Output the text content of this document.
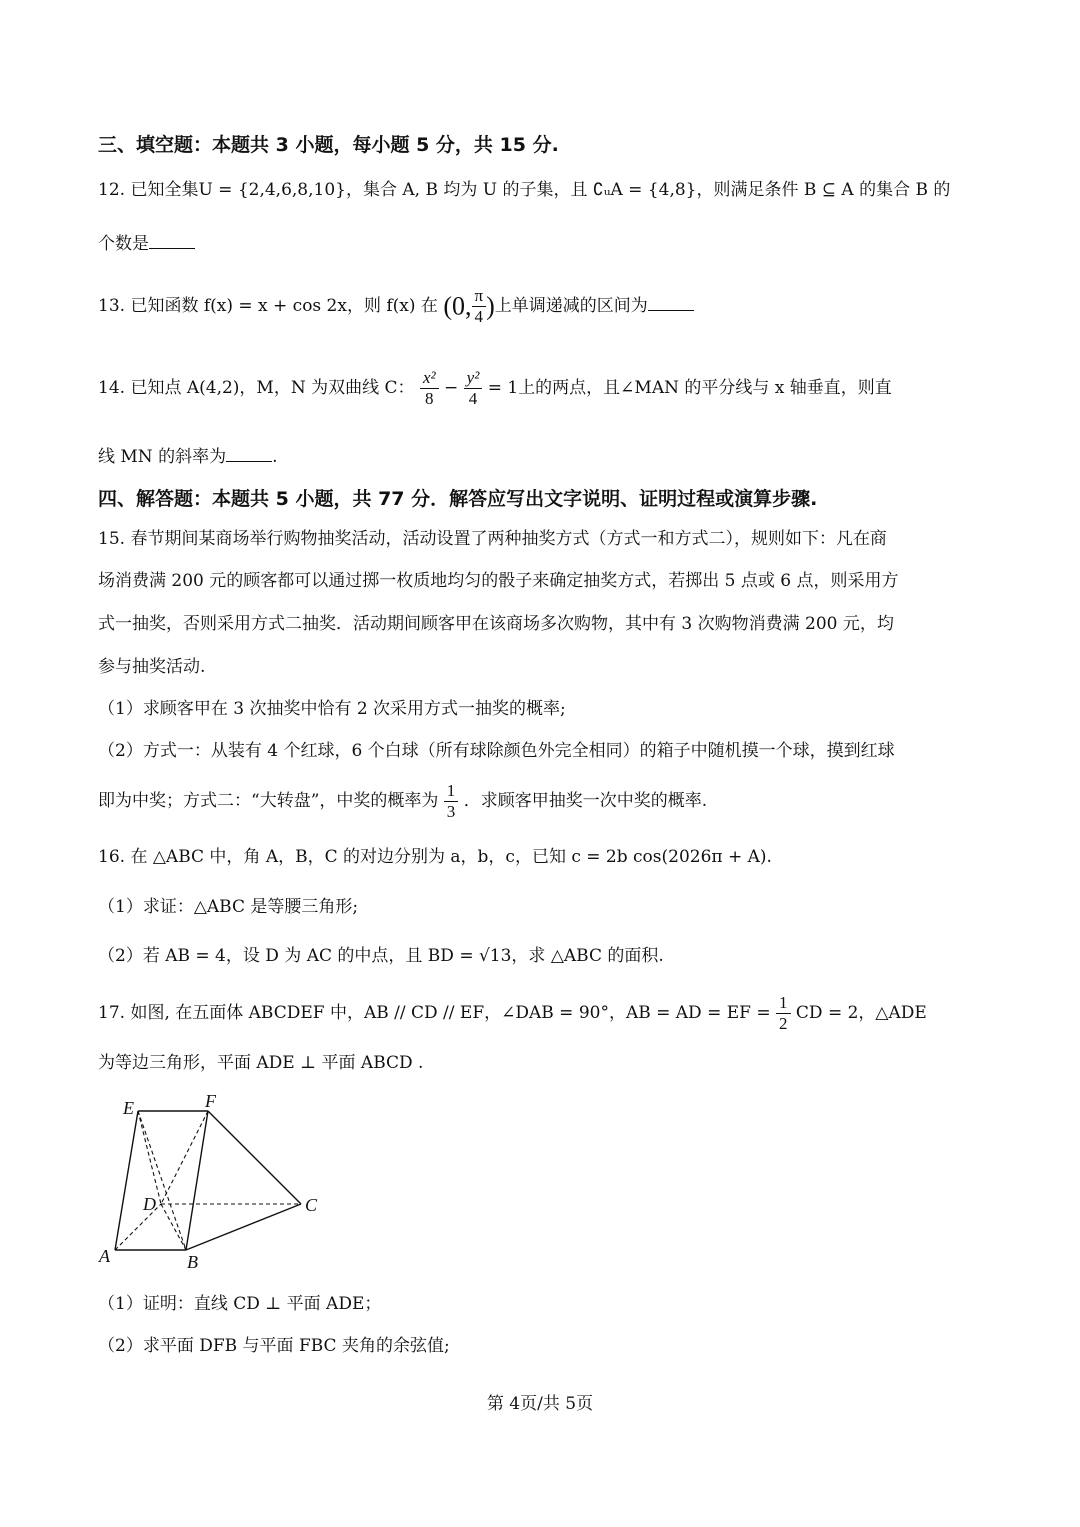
三、填空题：本题共 3 小题，每小题 5 分，共 15 分.
12. 已知全集U = {2,4,6,8,10}，集合 A, B 均为 U 的子集，且 ∁ᵤA = {4,8}，则满足条件 B ⊆ A 的集合 B 的
个数是
13. 已知函数 f(x) = x + cos 2x，则 f(x) 在 (0, $\frac{\pi}{4}$ )上单调递减的区间为
14. 已知点 A(4,2)，M，N 为双曲线 C： $\frac{\text{x²}}{8} - \frac{\text{y²}}{4} = 1$上的两点，且∠MAN 的平分线与 x 轴垂直，则直
线 MN 的斜率为	.
四、解答题：本题共 5 小题，共 77 分．解答应写出文字说明、证明过程或演算步骤.
15. 春节期间某商场举行购物抽奖活动，活动设置了两种抽奖方式（方式一和方式二），规则如下：凡在商
场消费满 200 元的顾客都可以通过掷一枚质地均匀的骰子来确定抽奖方式，若掷出 5 点或 6 点，则采用方
式一抽奖，否则采用方式二抽奖．活动期间顾客甲在该商场多次购物，其中有 3 次购物消费满 200 元，均
参与抽奖活动.
（1）求顾客甲在 3 次抽奖中恰有 2 次采用方式一抽奖的概率;
（2）方式一：从装有 4 个红球，6 个白球（所有球除颜色外完全相同）的箱子中随机摸一个球，摸到红球
即为中奖；方式二：“大转盘”，中奖的概率为 $\frac{1}{3}$ ．求顾客甲抽奖一次中奖的概率.
16. 在 △ABC 中，角 A，B，C 的对边分别为 a，b，c，已知 c = 2b cos(2026π + A).
（1）求证：△ABC 是等腰三角形;
（2）若 AB = 4，设 D 为 AC 的中点，且 BD = √13，求 △ABC 的面积.
17. 如图, 在五面体 ABCDEF 中，AB // CD // EF，∠DAB = 90°，AB = AD = EF = $\frac{1}{2}$ CD = 2，△ADE
为等边三角形，平面 ADE ⊥ 平面 ABCD .
E	F
D	C
A	B
（1）证明：直线 CD ⊥ 平面 ADE；
（2）求平面 DFB 与平面 FBC 夹角的余弦值;
第 4页/共 5页
